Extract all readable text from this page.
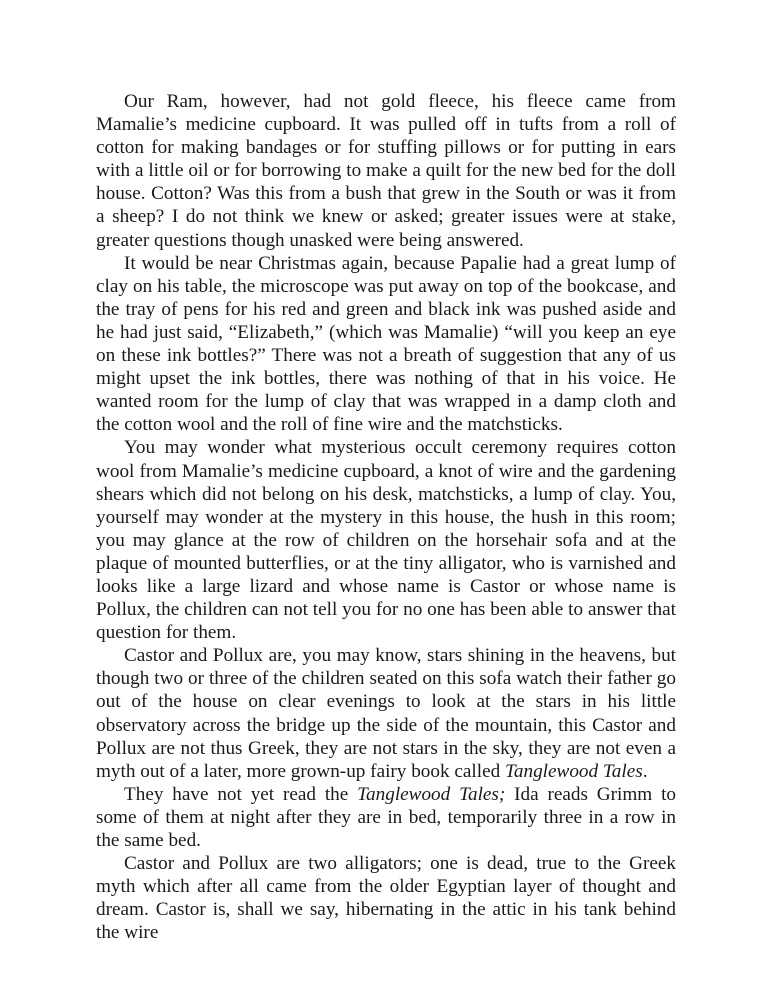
Our Ram, however, had not gold fleece, his fleece came from Mamalie’s medicine cupboard. It was pulled off in tufts from a roll of cotton for making bandages or for stuffing pillows or for putting in ears with a little oil or for borrowing to make a quilt for the new bed for the doll house. Cotton? Was this from a bush that grew in the South or was it from a sheep? I do not think we knew or asked; greater issues were at stake, greater questions though unasked were being answered.

It would be near Christmas again, because Papalie had a great lump of clay on his table, the microscope was put away on top of the bookcase, and the tray of pens for his red and green and black ink was pushed aside and he had just said, “Elizabeth,” (which was Mamalie) “will you keep an eye on these ink bottles?” There was not a breath of suggestion that any of us might upset the ink bottles, there was nothing of that in his voice. He wanted room for the lump of clay that was wrapped in a damp cloth and the cotton wool and the roll of fine wire and the matchsticks.

You may wonder what mysterious occult ceremony requires cotton wool from Mamalie’s medicine cupboard, a knot of wire and the gardening shears which did not belong on his desk, matchsticks, a lump of clay. You, yourself may wonder at the mystery in this house, the hush in this room; you may glance at the row of children on the horsehair sofa and at the plaque of mounted butterflies, or at the tiny alligator, who is varnished and looks like a large lizard and whose name is Castor or whose name is Pollux, the children can not tell you for no one has been able to answer that question for them.

Castor and Pollux are, you may know, stars shining in the heavens, but though two or three of the children seated on this sofa watch their father go out of the house on clear evenings to look at the stars in his little observatory across the bridge up the side of the mountain, this Castor and Pollux are not thus Greek, they are not stars in the sky, they are not even a myth out of a later, more grown-up fairy book called Tanglewood Tales.

They have not yet read the Tanglewood Tales; Ida reads Grimm to some of them at night after they are in bed, temporarily three in a row in the same bed.

Castor and Pollux are two alligators; one is dead, true to the Greek myth which after all came from the older Egyptian layer of thought and dream. Castor is, shall we say, hibernating in the attic in his tank behind the wire
